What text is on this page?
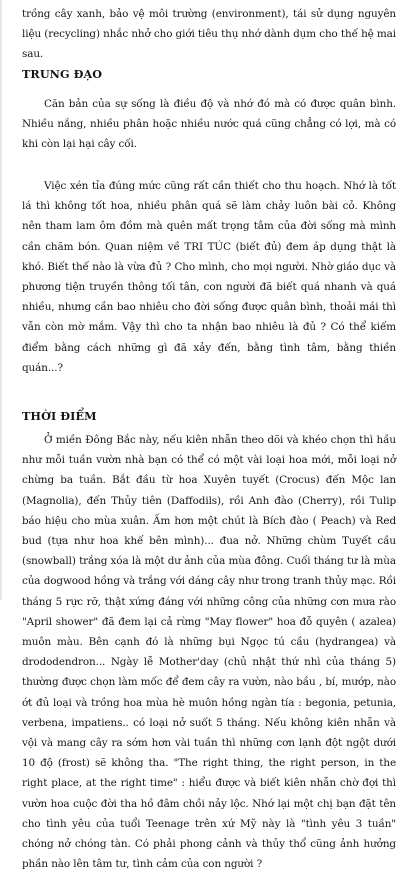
trồng cây xanh, bảo vệ môi trường (environment), tái sử dụng nguyên liệu (recycling) nhắc nhở cho giới tiêu thụ nhớ dành dụm cho thế hệ mai sau.

TRUNG ĐẠO

Căn bản của sự sống là điều độ và nhớ đó mà có được quân bình. Nhiều nắng, nhiều phân hoặc nhiều nước quá cũng chẳng có lợi, mà có khi còn lại hại cây cối.

Việc xén tỉa đúng mức cũng rất cần thiết cho thu hoạch. Nhớ là tốt lá thì không tốt hoa, nhiều phân quá sẽ làm chảy luôn bài cỏ. Không nên tham lam ôm đồm mà quên mất trọng tâm của đời sống mà mình cần chăm bón. Quan niệm về TRI TÚC (biết đủ) đem áp dụng thật là khó. Biết thế nào là vừa đủ ? Cho mình, cho mọi người. Nhờ giáo dục và phương tiện truyền thông tối tân, con người đã biết quá nhanh và quá nhiều, nhưng cần bao nhiêu cho đời sống được quân bình, thoải mái thì vẫn còn mờ mắm. Vậy thì cho ta nhận bao nhiêu là đủ ? Có thể kiếm điểm bằng cách những gì đã xảy đến, bằng tình tâm, bằng thiền quán...?

THỜI ĐIỂM

Ở miền Đông Bắc này, nếu kiên nhẫn theo dõi và khéo chọn thì hầu như mỗi tuần vườn nhà bạn có thể có một vài loại hoa mới, mỗi loại nở chừng ba tuần. Bắt đầu từ hoa Xuyên tuyết (Crocus) đến Mộc lan (Magnolia), đến Thủy tiên (Daffodils), rồi Anh đào (Cherry), rồi Tulip báo hiệu cho mùa xuân. Ấm hơn một chút là Bích đào ( Peach) và Red bud (tựa như hoa khế bên mình)... đua nở. Những chùm Tuyết cầu (snowball) trắng xóa là một dư ảnh của mùa đông. Cuối tháng tư là mùa của dogwood hồng và trắng với dáng cây như trong tranh thủy mạc. Rồi tháng 5 rực rỡ, thật xứng đáng với những công của những cơn mưa rào "April shower" đã đem lại cả rừng "May flower" hoa đỗ quyên ( azalea) muôn màu. Bên cạnh đó là những bụi Ngọc tú cầu (hydrangea) và drododendron... Ngày lễ Mother'day (chủ nhật thứ nhì của tháng 5) thường được chọn làm mốc để đem cây ra vườn, nào bầu , bí, mướp, nào ớt đủ loại và trồng hoa mùa hè muôn hồng ngàn tía : begonia, petunia, verbena, impatiens.. có loại nở suốt 5 tháng. Nếu không kiên nhẫn và vội và mang cây ra sớm hơn vài tuần thì những cơn lạnh đột ngột dưới 10 độ (frost) sẽ không tha. "The right thing, the right person, in the right place, at the right time" : hiểu được và biết kiên nhẫn chờ đợi thì vườn hoa cuộc đời tha hồ đâm chồi nảy lộc. Nhớ lại một chị bạn đặt tên cho tình yêu của tuổi Teenage trên xứ Mỹ này là "tình yêu 3 tuần" chóng nở chóng tàn. Có phải phong cảnh và thủy thổ cũng ảnh hưởng phần nào lên tâm tư, tình cảm của con người ?
